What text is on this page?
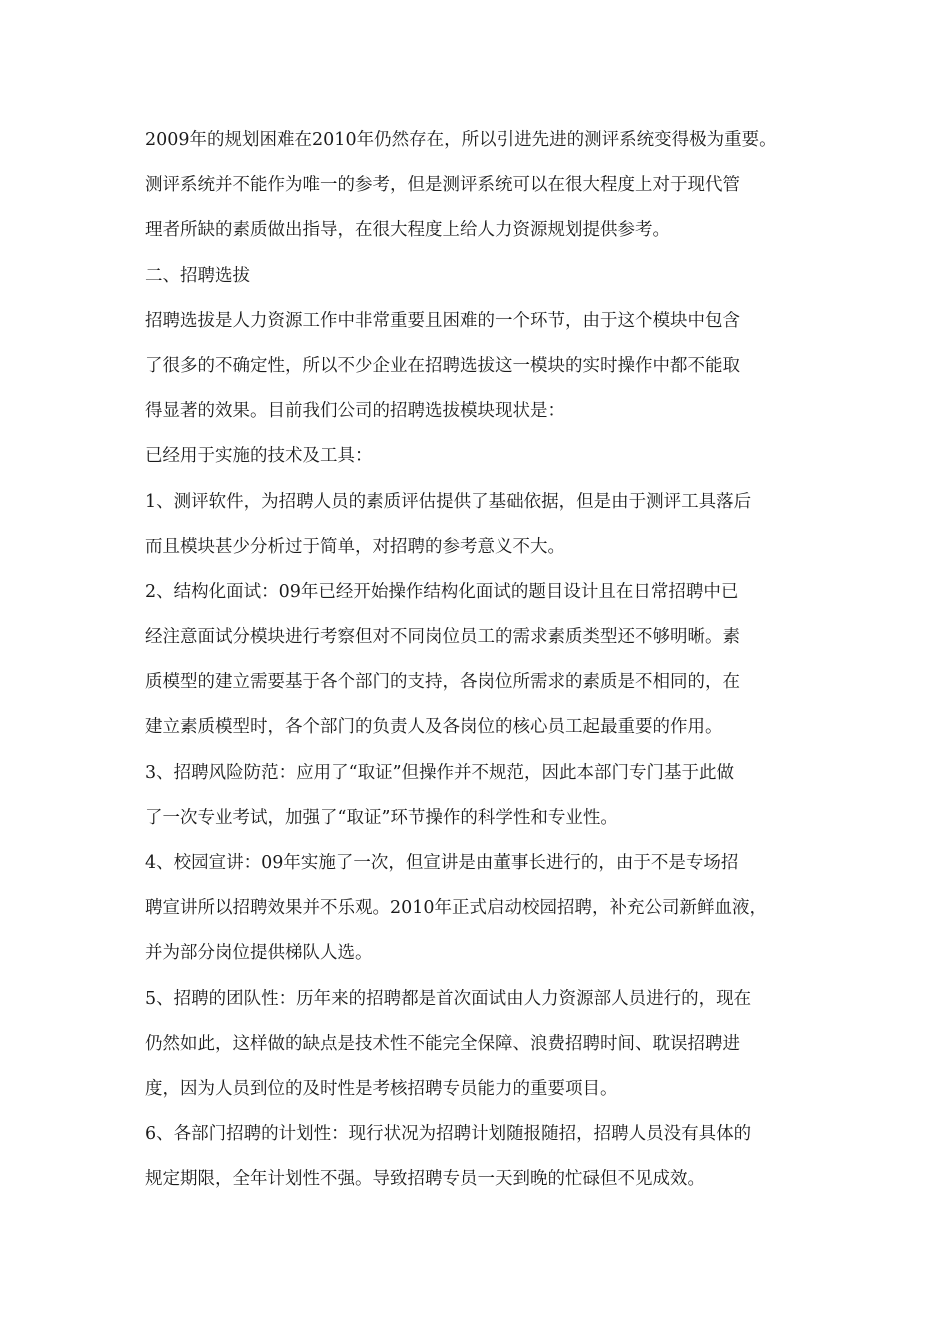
2009年的规划困难在2010年仍然存在，所以引进先进的测评系统变得极为重要。

测评系统并不能作为唯一的参考，但是测评系统可以在很大程度上对于现代管

理者所缺的素质做出指导，在很大程度上给人力资源规划提供参考。

二、招聘选拔

招聘选拔是人力资源工作中非常重要且困难的一个环节，由于这个模块中包含

了很多的不确定性，所以不少企业在招聘选拔这一模块的实时操作中都不能取

得显著的效果。目前我们公司的招聘选拔模块现状是：

已经用于实施的技术及工具：

1、测评软件，为招聘人员的素质评估提供了基础依据，但是由于测评工具落后

而且模块甚少分析过于简单，对招聘的参考意义不大。

2、结构化面试：09年已经开始操作结构化面试的题目设计且在日常招聘中已

经注意面试分模块进行考察但对不同岗位员工的需求素质类型还不够明晰。素

质模型的建立需要基于各个部门的支持，各岗位所需求的素质是不相同的，在

建立素质模型时，各个部门的负责人及各岗位的核心员工起最重要的作用。

3、招聘风险防范：应用了“取证”但操作并不规范，因此本部门专门基于此做

了一次专业考试，加强了“取证”环节操作的科学性和专业性。

4、校园宣讲：09年实施了一次，但宣讲是由董事长进行的，由于不是专场招

聘宣讲所以招聘效果并不乐观。2010年正式启动校园招聘，补充公司新鲜血液，

并为部分岗位提供梯队人选。

5、招聘的团队性：历年来的招聘都是首次面试由人力资源部人员进行的，现在

仍然如此，这样做的缺点是技术性不能完全保障、浪费招聘时间、耽误招聘进

度，因为人员到位的及时性是考核招聘专员能力的重要项目。

6、各部门招聘的计划性：现行状况为招聘计划随报随招，招聘人员没有具体的

规定期限，全年计划性不强。导致招聘专员一天到晚的忙碌但不见成效。
